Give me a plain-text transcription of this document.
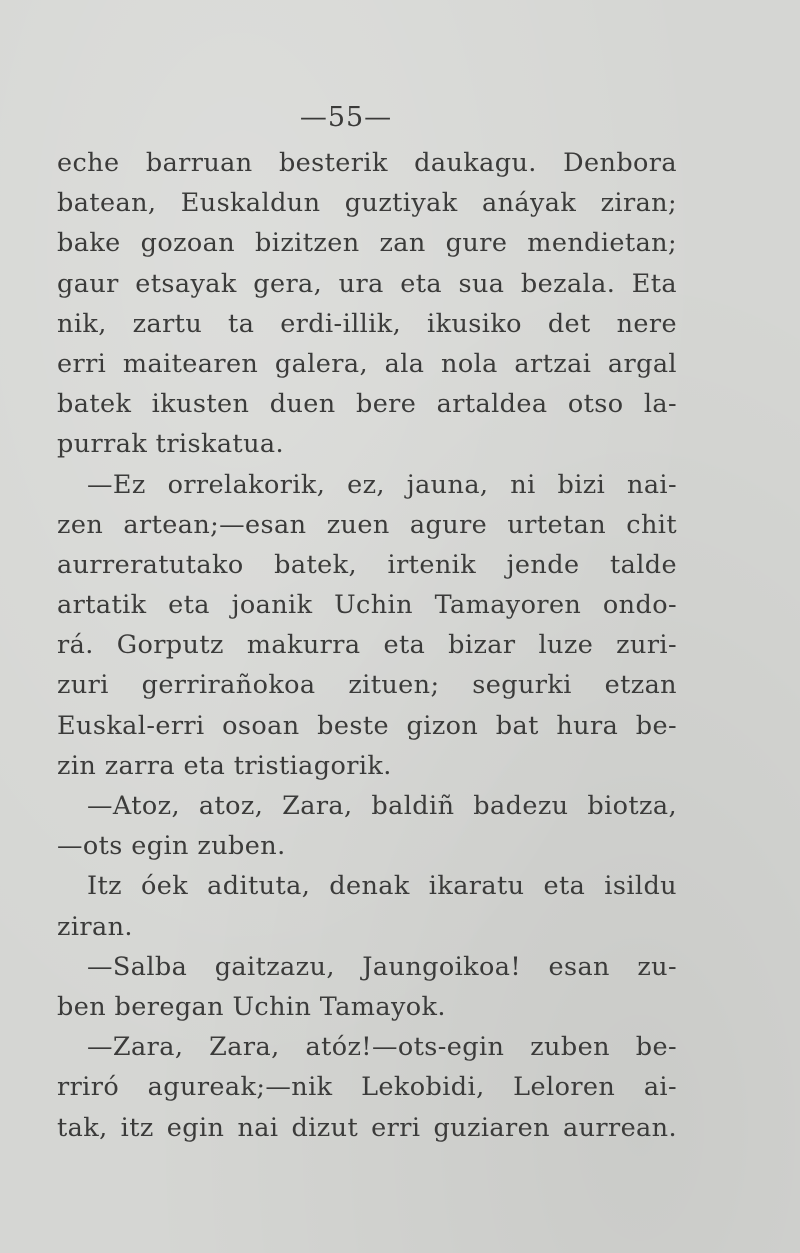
—55—
eche barruan besterik daukagu. Denbora
batean, Euskaldun guztiyak anáyak ziran;
bake gozoan bizitzen zan gure mendietan;
gaur etsayak gera, ura eta sua bezala. Eta
nik, zartu ta erdi-illik, ikusiko det nere
erri maitearen galera, ala nola artzai argal
batek ikusten duen bere artaldea otso la-
purrak triskatua.
—Ez orrelakorik, ez, jauna, ni bizi nai-
zen artean;—esan zuen agure urtetan chit
aurreratutako batek, irtenik jende talde
artatik eta joanik Uchin Tamayoren ondo-
rá. Gorputz makurra eta bizar luze zuri-
zuri gerrirañokoa zituen; segurki etzan
Euskal-erri osoan beste gizon bat hura be-
zin zarra eta tristiagorik.
—Atoz, atoz, Zara, baldiñ badezu biotza,
—ots egin zuben.
Itz óek adituta, denak ikaratu eta isildu
ziran.
—Salba gaitzazu, Jaungoikoa! esan zu-
ben beregan Uchin Tamayok.
—Zara, Zara, atóz!—ots-egin zuben be-
rriró agureak;—nik Lekobidi, Leloren ai-
tak, itz egin nai dizut erri guziaren aurrean.
